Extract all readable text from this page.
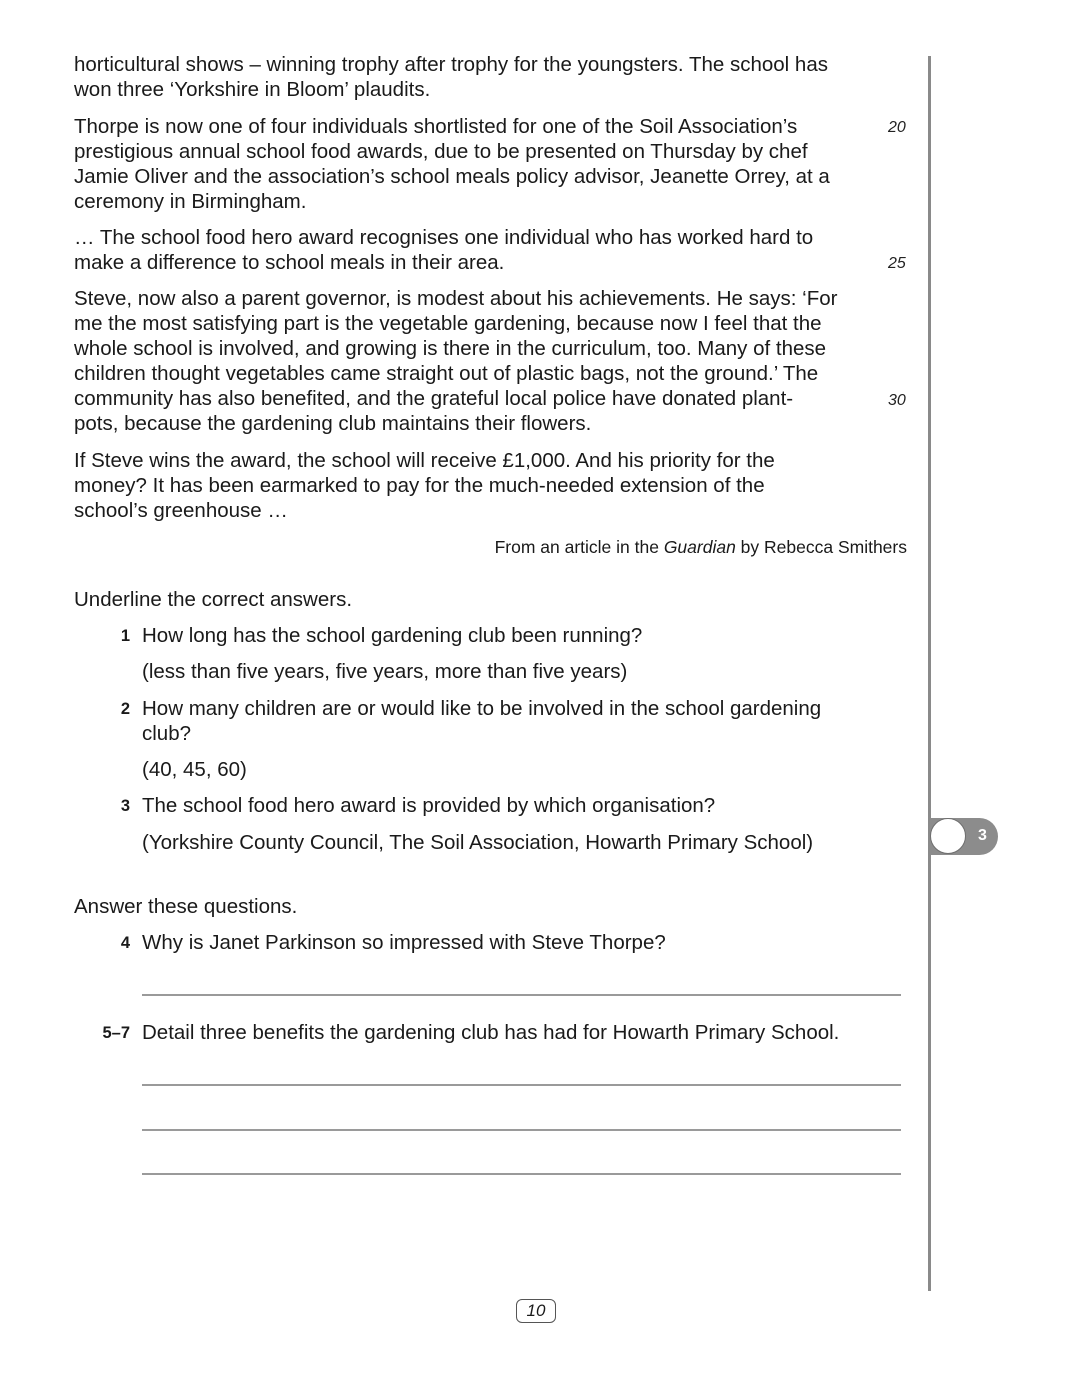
horticultural shows – winning trophy after trophy for the youngsters. The school has
won three ‘Yorkshire in Bloom’ plaudits.
Thorpe is now one of four individuals shortlisted for one of the Soil Association’s
prestigious annual school food awards, due to be presented on Thursday by chef
Jamie Oliver and the association’s school meals policy advisor, Jeanette Orrey, at a
ceremony in Birmingham.
… The school food hero award recognises one individual who has worked hard to
make a difference to school meals in their area.
Steve, now also a parent governor, is modest about his achievements. He says: ‘For
me the most satisfying part is the vegetable gardening, because now I feel that the
whole school is involved, and growing is there in the curriculum, too. Many of these
children thought vegetables came straight out of plastic bags, not the ground.’ The
community has also benefited, and the grateful local police have donated plant-
pots, because the gardening club maintains their flowers.
If Steve wins the award, the school will receive £1,000. And his priority for the
money? It has been earmarked to pay for the much-needed extension of the
school’s greenhouse …
20
25
30
From an article in the Guardian by Rebecca Smithers
Underline the correct answers.
1 How long has the school gardening club been running?
(less than five years, five years, more than five years)
2 How many children are or would like to be involved in the school gardening
club?
(40, 45, 60)
3 The school food hero award is provided by which organisation?
(Yorkshire County Council, The Soil Association, Howarth Primary School)
Answer these questions.
4 Why is Janet Parkinson so impressed with Steve Thorpe?
5–7 Detail three benefits the gardening club has had for Howarth Primary School.
3
10
